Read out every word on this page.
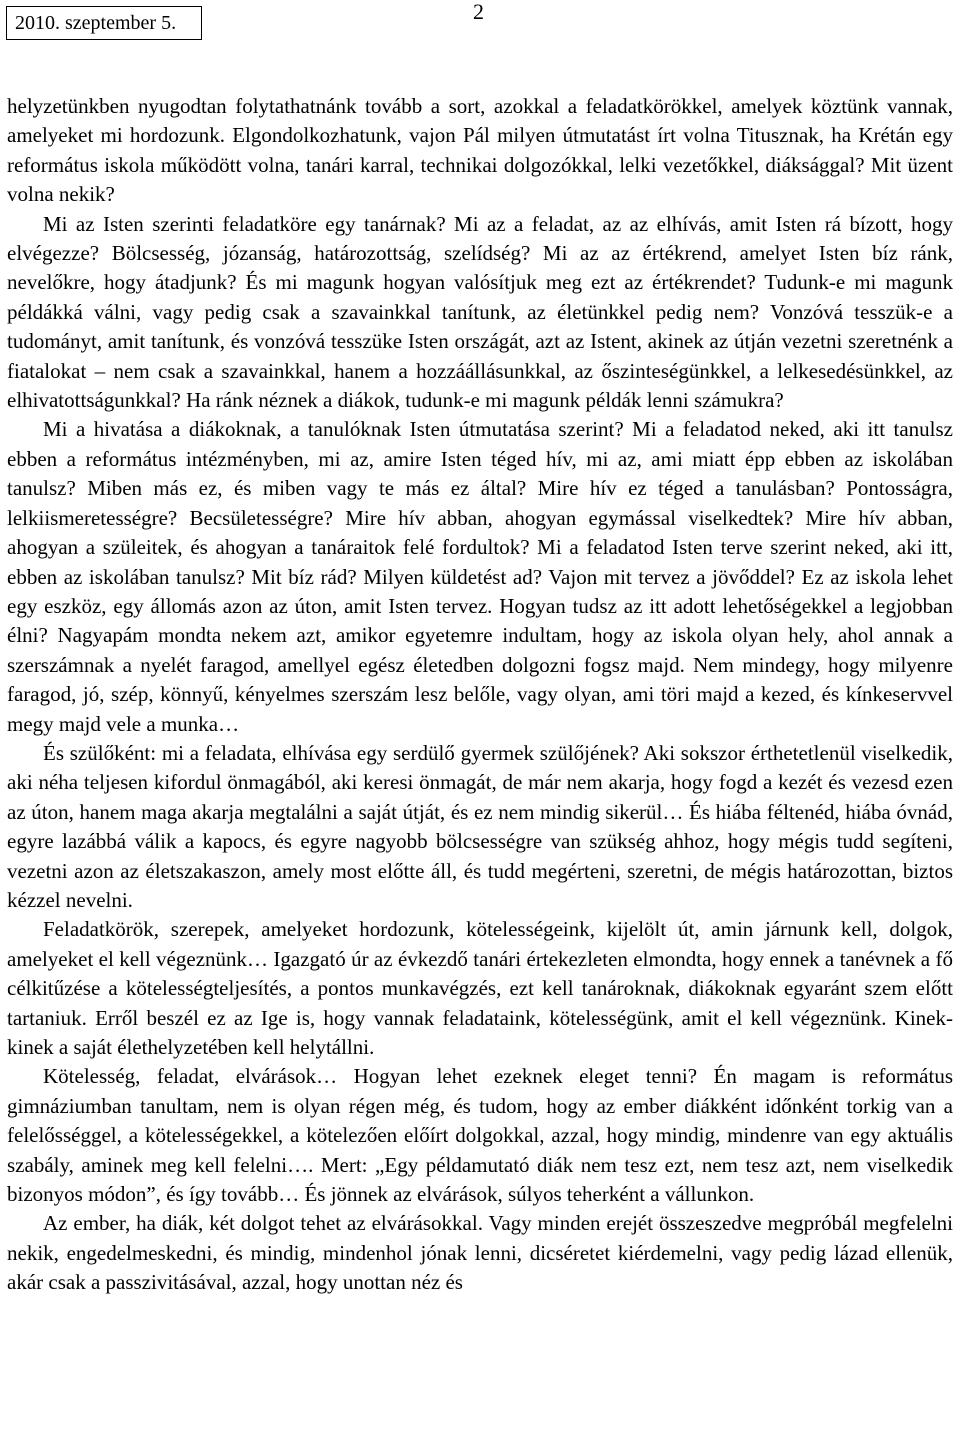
2010. szeptember 5.	2

helyzetünkben nyugodtan folytathatnánk tovább a sort, azokkal a feladatkörökkel, amelyek köztünk vannak, amelyeket mi hordozunk. Elgondolkozhatunk, vajon Pál milyen útmutatást írt volna Titusznak, ha Krétán egy református iskola működött volna, tanári karral, technikai dolgozókkal, lelki vezetőkkel, diáksággal? Mit üzent volna nekik?

Mi az Isten szerinti feladatköre egy tanárnak? Mi az a feladat, az az elhívás, amit Isten rá bízott, hogy elvégezze? Bölcsesség, józanság, határozottság, szelídség? Mi az az értékrend, amelyet Isten bíz ránk, nevelőkre, hogy átadjunk? És mi magunk hogyan valósítjuk meg ezt az értékrendet? Tudunk-e mi magunk példákká válni, vagy pedig csak a szavainkkal tanítunk, az életünkkel pedig nem? Vonzóvá tesszük-e a tudományt, amit tanítunk, és vonzóvá tesszüke Isten országát, azt az Istent, akinek az útján vezetni szeretnénk a fiatalokat – nem csak a szavainkkal, hanem a hozzáállásunkkal, az őszinteségünkkel, a lelkesedésünkkel, az elhivatottságunkkal? Ha ránk néznek a diákok, tudunk-e mi magunk példák lenni számukra?

Mi a hivatása a diákoknak, a tanulóknak Isten útmutatása szerint? Mi a feladatod neked, aki itt tanulsz ebben a református intézményben, mi az, amire Isten téged hív, mi az, ami miatt épp ebben az iskolában tanulsz? Miben más ez, és miben vagy te más ez által? Mire hív ez téged a tanulásban? Pontosságra, lelkiismeretességre? Becsületességre? Mire hív abban, ahogyan egymással viselkedtek? Mire hív abban, ahogyan a szüleitek, és ahogyan a tanáraitok felé fordultok? Mi a feladatod Isten terve szerint neked, aki itt, ebben az iskolában tanulsz? Mit bíz rád? Milyen küldetést ad? Vajon mit tervez a jövőddel? Ez az iskola lehet egy eszköz, egy állomás azon az úton, amit Isten tervez. Hogyan tudsz az itt adott lehetőségekkel a legjobban élni? Nagyapám mondta nekem azt, amikor egyetemre indultam, hogy az iskola olyan hely, ahol annak a szerszámnak a nyelét faragod, amellyel egész életedben dolgozni fogsz majd. Nem mindegy, hogy milyenre faragod, jó, szép, könnyű, kényelmes szerszám lesz belőle, vagy olyan, ami töri majd a kezed, és kínkeservvel megy majd vele a munka…

És szülőként: mi a feladata, elhívása egy serdülő gyermek szülőjének? Aki sokszor érthetetlenül viselkedik, aki néha teljesen kifordul önmagából, aki keresi önmagát, de már nem akarja, hogy fogd a kezét és vezesd ezen az úton, hanem maga akarja megtalálni a saját útját, és ez nem mindig sikerül… És hiába féltenéd, hiába óvnád, egyre lazábbá válik a kapocs, és egyre nagyobb bölcsességre van szükség ahhoz, hogy mégis tudd segíteni, vezetni azon az életszakaszon, amely most előtte áll, és tudd megérteni, szeretni, de mégis határozottan, biztos kézzel nevelni.

Feladatkörök, szerepek, amelyeket hordozunk, kötelességeink, kijelölt út, amin járnunk kell, dolgok, amelyeket el kell végeznünk… Igazgató úr az évkezdő tanári értekezleten elmondta, hogy ennek a tanévnek a fő célkitűzése a kötelességteljesítés, a pontos munkavégzés, ezt kell tanároknak, diákoknak egyaránt szem előtt tartaniuk. Erről beszél ez az Ige is, hogy vannak feladataink, kötelességünk, amit el kell végeznünk. Kinek-kinek a saját élethelyzetében kell helytállni.

Kötelesség, feladat, elvárások… Hogyan lehet ezeknek eleget tenni? Én magam is református gimnáziumban tanultam, nem is olyan régen még, és tudom, hogy az ember diákként időnként torkig van a felelősséggel, a kötelességekkel, a kötelezően előírt dolgokkal, azzal, hogy mindig, mindenre van egy aktuális szabály, aminek meg kell felelni…. Mert: „Egy példamutató diák nem tesz ezt, nem tesz azt, nem viselkedik bizonyos módon”, és így tovább… És jönnek az elvárások, súlyos teherként a vállunkon.

Az ember, ha diák, két dolgot tehet az elvárásokkal. Vagy minden erejét összeszedve megpróbál megfelelni nekik, engedelmeskedni, és mindig, mindenhol jónak lenni, dicséretet kiérdemelni, vagy pedig lázad ellenük, akár csak a passzivitásával, azzal, hogy unottan néz és
